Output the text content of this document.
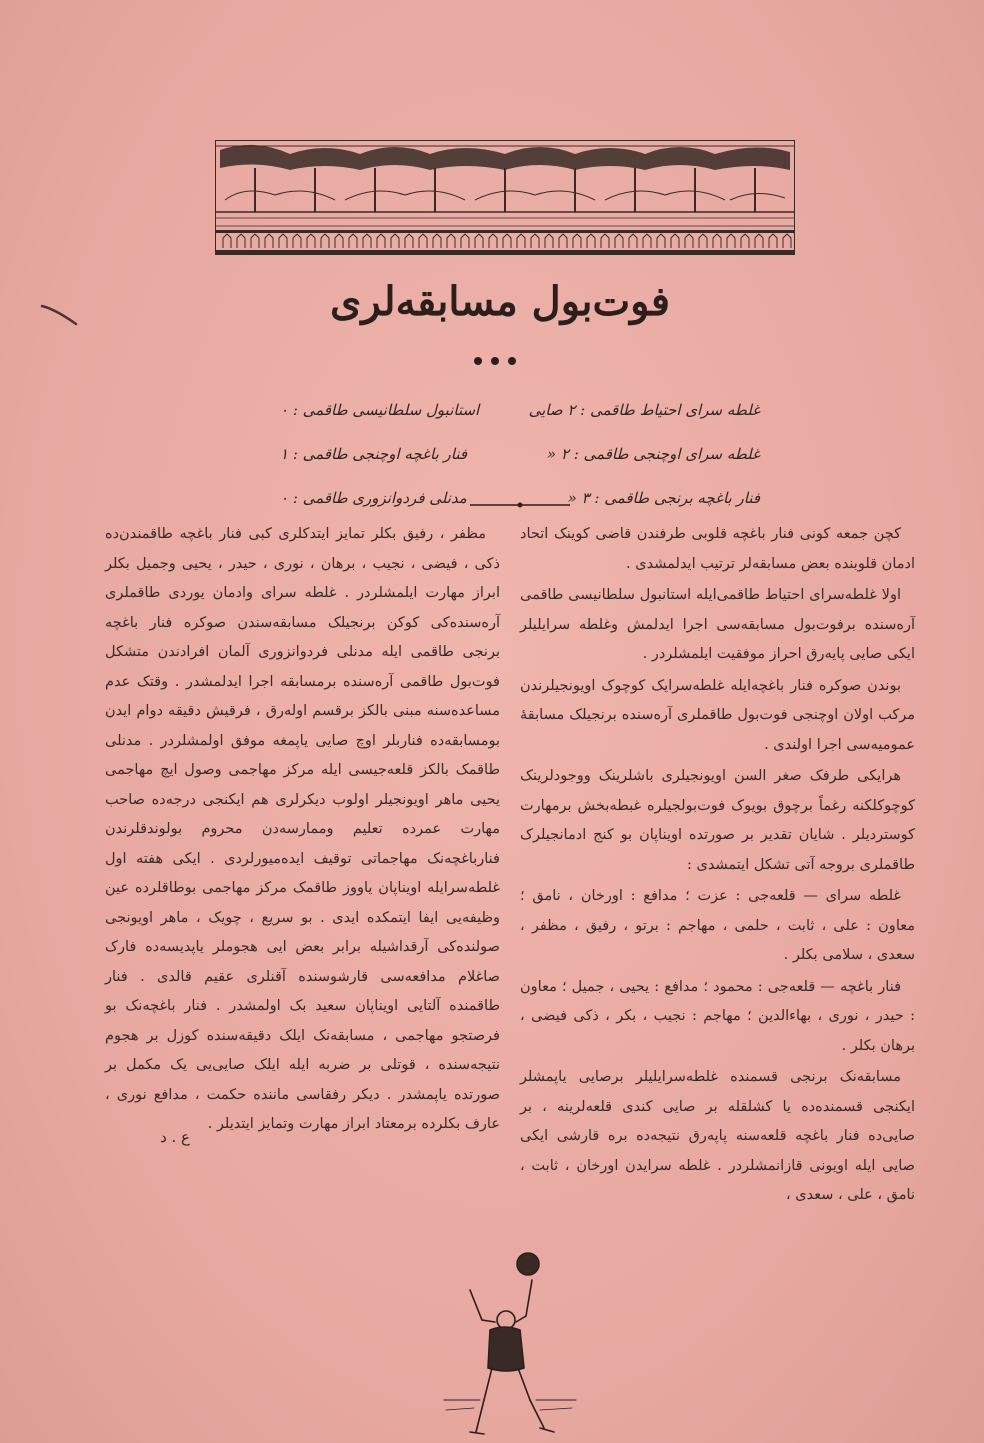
فوت‌بول مسابقه‌لری
غلطه سرای احتیاط طاقمی : ۲ صایی
استانبول سلطانیسی طاقمی : ۰
غلطه سرای اوچنجی طاقمی : ۲ «
فنار باغچه اوچنجی طاقمی : ۱
فنار باغچه برنجی طاقمی : ۳ «
مدنلی فردوانزوری طاقمی : ۰

کچن جمعه کونی فنار باغچه قلوبی طرفندن قاضی کوینک اتحاد ادمان قلوبنده بعض مسابقه‌لر ترتیب ایدلمشدی .

اولا غلطه‌سرای احتیاط طاقمی‌ایله استانبول سلطانیسی طاقمی آره‌سنده برفوت‌بول مسابقه‌سی اجرا ایدلمش وغلطه سرایلیلر ایکی صایی پایه‌رق احراز موفقیت ایلمشلردر .

بوندن صوکره فنار باغچه‌ایله غلطه‌سرایک کوچوک اویونجیلرندن مرکب اولان اوچنجی فوت‌بول طاقملری آره‌سنده برنجیلک مسابقه‌ٔ عمومیه‌سی اجرا اولندی .

هرایکی طرفک صغر السن اویونجیلری باشلرینک ووجودلرینک کوچوکلکنه رغماً برچوق بویوک فوت‌بولجیلره غبطه‌بخش برمهارت کوستردیلر . شایان تقدیر بر صورتده اویناپان بو کنج ادمانجیلرک طاقملری بروجه آتی تشکل ایتمشدی :

غلطه سرای — قلعه‌جی : عزت ؛ مدافع : اورخان ، نامق ؛ معاون : علی ، ثابت ، حلمی ، مهاجم : برتو ، رفیق ، مظفر ، سعدی ، سلامی بکلر .

فنار باغچه — قلعه‌جی : محمود ؛ مدافع : یحیی ، جمیل ؛ معاون : حیدر ، نوری ، بهاءالدین ؛ مهاجم : نجیب ، بکر ، ذکی فیضی ، برهان بکلر .

مسابقه‌نک برنجی قسمنده غلطه‌سرایلیلر برصایی یاپمشلر ایکنجی قسمنده‌ده یا کشلقله بر صایی کندی قلعه‌لرینه ، بر صایی‌ده فنار باغچه قلعه‌سنه پاپه‌رق نتیجه‌ده بره قارشی ایکی صایی ایله اویونی قازانمشلردر . غلطه سرایدن اورخان ، ثابت ، نامق ، علی ، سعدی ،

مظفر ، رفیق بکلر تمایز ایتدکلری کبی فنار باغچه طاقمندن‌ده ذکی ، فیضی ، نجیب ، برهان ، نوری ، حیدر ، یحیی وجمیل بکلر ابراز مهارت ایلمشلردر . غلطه سرای وادمان یوردی طاقملری آره‌سنده‌کی کوکن برنجیلک مسابقه‌سندن صوکره فنار باغچه برنجی طاقمی ایله مدنلی فردوانزوری آلمان افرادندن متشکل فوت‌بول طاقمی آره‌سنده برمسابقه اجرا ایدلمشدر . وقتک عدم مساعده‌سنه مبنی بالکز برقسم اوله‌رق ، فرقیش دقیقه دوام ایدن بومسابقه‌ده فناربلر اوچ صایی یاپمغه موفق اولمشلردر . مدنلی طاقمک بالکز قلعه‌جیسی ایله مرکز مهاجمی وصول ایچ مهاجمی یحیی ماهر اویونجیلر اولوب دیکرلری هم ایکنجی درجه‌ده صاحب مهارت عمرده تعلیم وممارسه‌دن محروم بولوندقلرندن فنارباغچه‌نک مهاجماتی توقیف ایده‌میورلردی . ایکی هفته اول غلطه‌سرایله اویناپان یاووز طاقمک مرکز مهاجمی بوطاقلرده عین وظیفه‌یی ایفا ایتمکده ایدی . بو سریع ، چویک ، ماهر اویونجی صولنده‌کی آرقداشیله برابر بعض ایی هجوملر یاپدیسه‌ده فارک صاغلام مدافعه‌سی قارشوسنده آقنلری عقیم قالدی . فنار طاقمنده آلتایی اویناپان سعید بک اولمشدر . فنار باغچه‌نک بو فرصتجو مهاجمی ، مسابقه‌نک ایلک دقیقه‌سنده کوزل بر هجوم نتیجه‌سنده ، قوتلی بر ضربه ایله ایلک صایی‌یی یک مکمل بر صورتده یاپمشدر . دیکر رفقاسی مانند‌ه حکمت ، مدافع نوری ، عارف بکلرده برمعتاد ابراز مهارت وتمایز ایتدیلر .

ع . د
